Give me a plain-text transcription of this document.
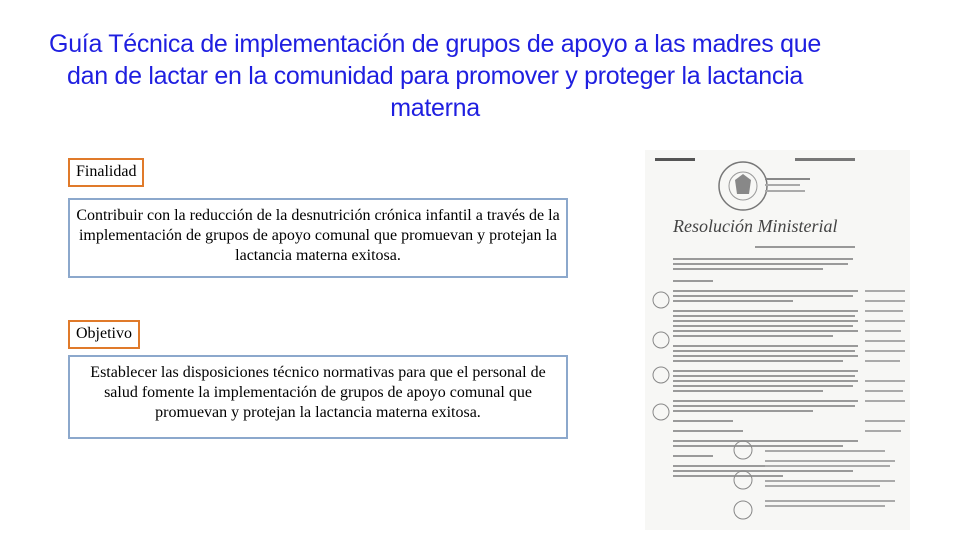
Guía Técnica de implementación de grupos de apoyo a las madres que dan de lactar en la comunidad para promover y proteger la lactancia materna
Finalidad
Contribuir con la reducción de la desnutrición crónica infantil a través de la implementación de grupos de apoyo comunal que promuevan y protejan la lactancia materna exitosa.
Objetivo
Establecer las disposiciones técnico normativas para que el personal de salud fomente la implementación de grupos de apoyo comunal que promuevan y protejan la lactancia materna exitosa.
Resolución Ministerial
